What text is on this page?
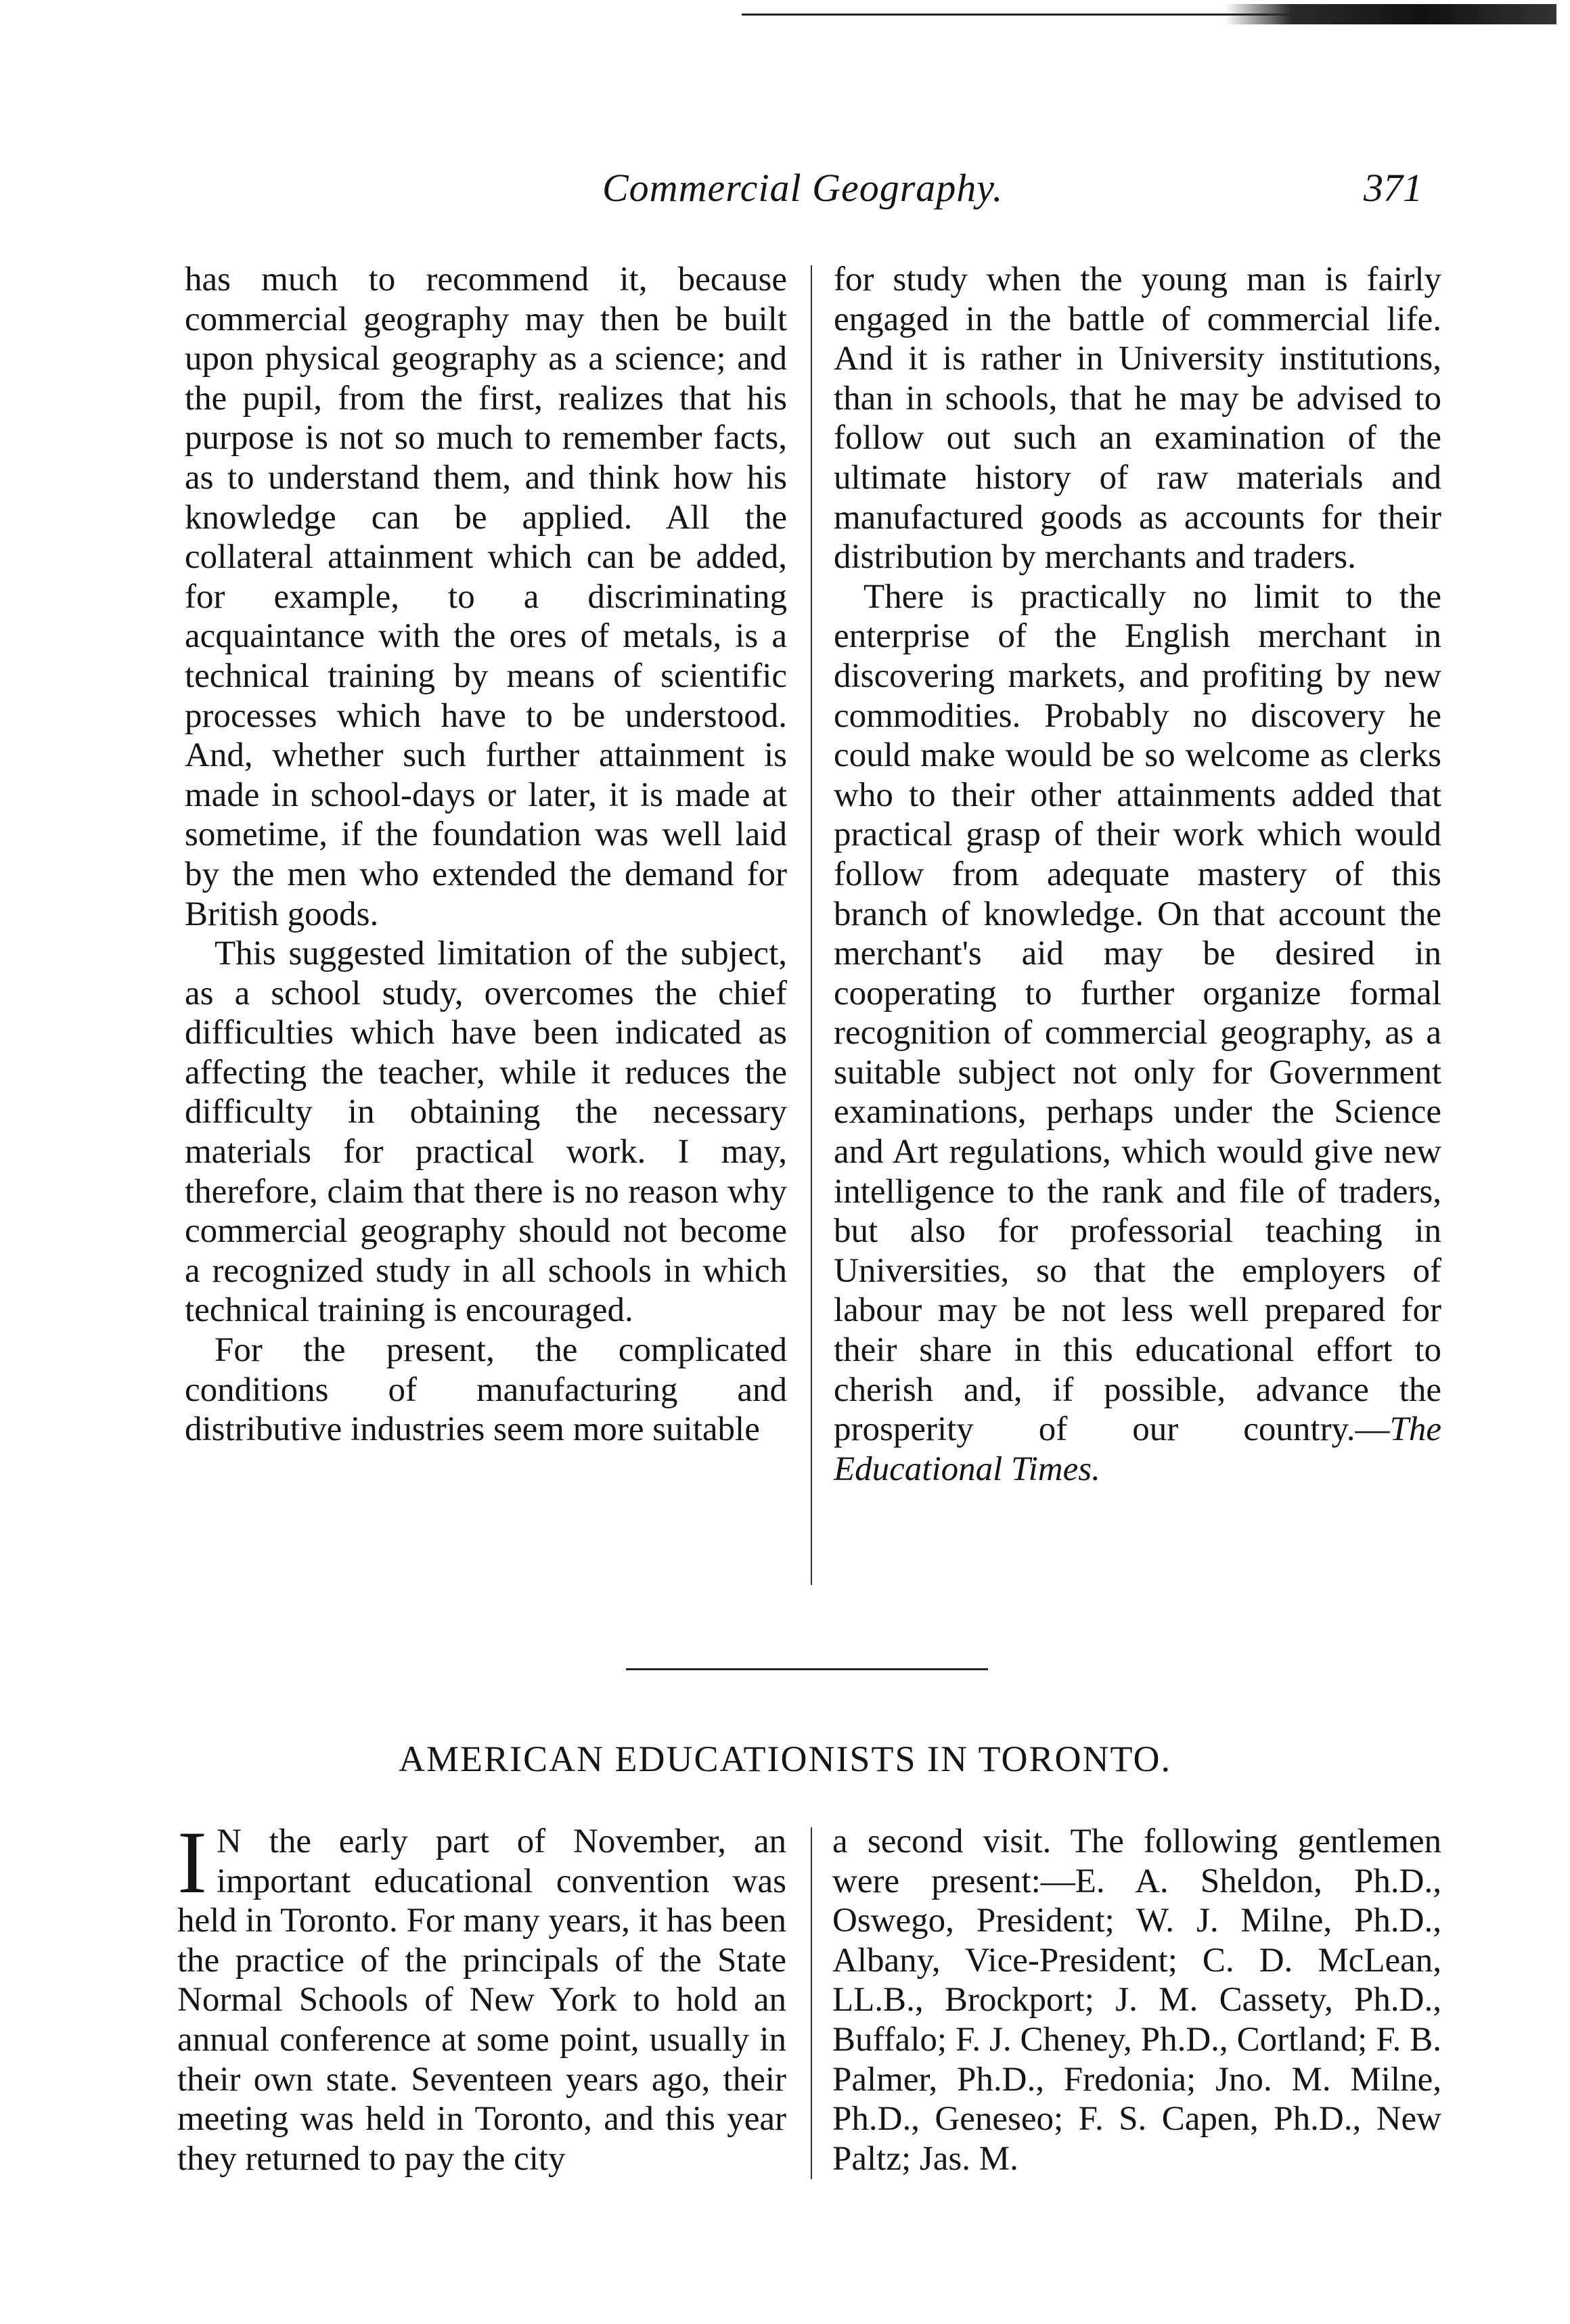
Commercial Geography.	371

has much to recommend it, because commercial geography may then be built upon physical geography as a science; and the pupil, from the first, realizes that his purpose is not so much to remember facts, as to understand them, and think how his knowledge can be applied. All the collateral attainment which can be added, for example, to a discriminating acquaintance with the ores of metals, is a technical training by means of scientific processes which have to be understood. And, whether such further attainment is made in school-days or later, it is made at sometime, if the foundation was well laid by the men who extended the demand for British goods.

This suggested limitation of the subject, as a school study, overcomes the chief difficulties which have been indicated as affecting the teacher, while it reduces the difficulty in obtaining the necessary materials for practical work. I may, therefore, claim that there is no reason why commercial geography should not become a recognized study in all schools in which technical training is encouraged.

For the present, the complicated conditions of manufacturing and distributive industries seem more suitable

for study when the young man is fairly engaged in the battle of commercial life. And it is rather in University institutions, than in schools, that he may be advised to follow out such an examination of the ultimate history of raw materials and manufactured goods as accounts for their distribution by merchants and traders.

There is practically no limit to the enterprise of the English merchant in discovering markets, and profiting by new commodities. Probably no discovery he could make would be so welcome as clerks who to their other attainments added that practical grasp of their work which would follow from adequate mastery of this branch of knowledge. On that account the merchant's aid may be desired in cooperating to further organize formal recognition of commercial geography, as a suitable subject not only for Government examinations, perhaps under the Science and Art regulations, which would give new intelligence to the rank and file of traders, but also for professorial teaching in Universities, so that the employers of labour may be not less well prepared for their share in this educational effort to cherish and, if possible, advance the prosperity of our country.—The Educational Times.

AMERICAN EDUCATIONISTS IN TORONTO.

I N the early part of November, an important educational convention was held in Toronto. For many years, it has been the practice of the principals of the State Normal Schools of New York to hold an annual conference at some point, usually in their own state. Seventeen years ago, their meeting was held in Toronto, and this year they returned to pay the city

a second visit. The following gentlemen were present:—E. A. Sheldon, Ph.D., Oswego, President; W. J. Milne, Ph.D., Albany, Vice-President; C. D. McLean, LL.B., Brockport; J. M. Cassety, Ph.D., Buffalo; F. J. Cheney, Ph.D., Cortland; F. B. Palmer, Ph.D., Fredonia; Jno. M. Milne, Ph.D., Geneseo; F. S. Capen, Ph.D., New Paltz; Jas. M.
